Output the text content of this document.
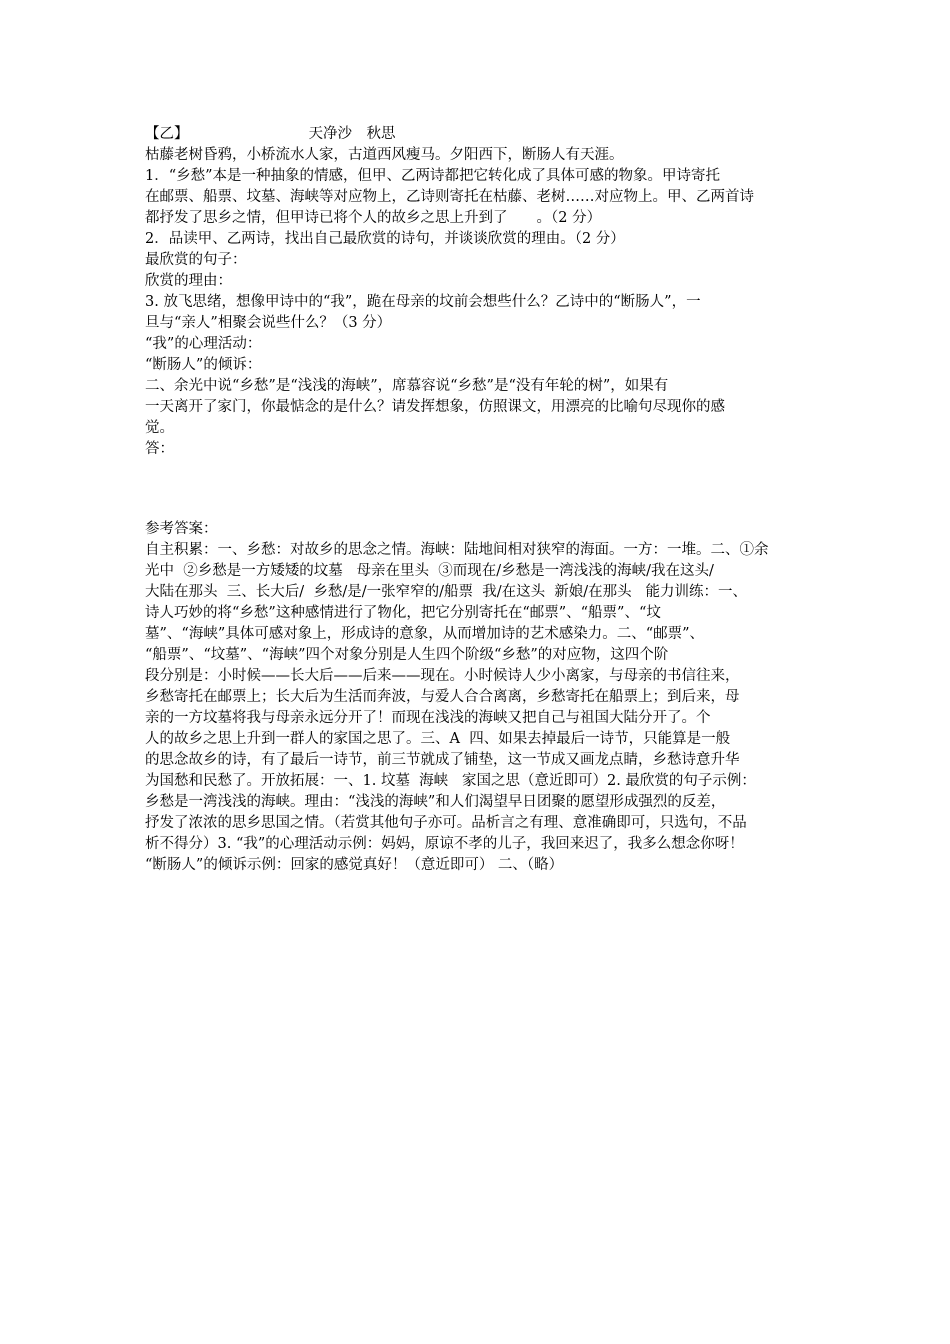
【乙】	天净沙　秋思
枯藤老树昏鸦，小桥流水人家，古道西风瘦马。夕阳西下，断肠人有天涯。
1．“乡愁”本是一种抽象的情感，但甲、乙两诗都把它转化成了具体可感的物象。甲诗寄托
在邮票、船票、坟墓、海峡等对应物上，乙诗则寄托在枯藤、老树……对应物上。甲、乙两首诗
都抒发了思乡之情，但甲诗已将个人的故乡之思上升到了　　。（2 分）
2．品读甲、乙两诗，找出自己最欣赏的诗句，并谈谈欣赏的理由。（2 分）
最欣赏的句子：
欣赏的理由：
3. 放飞思绪，想像甲诗中的“我”，跪在母亲的坟前会想些什么？乙诗中的“断肠人”，一
旦与“亲人”相聚会说些什么？（3 分）
“我”的心理活动：
“断肠人”的倾诉：
二、余光中说“乡愁”是“浅浅的海峡”，席慕容说“乡愁”是“没有年轮的树”，如果有
一天离开了家门，你最惦念的是什么？请发挥想象，仿照课文，用漂亮的比喻句尽现你的感
觉。
答：
参考答案：
自主积累：一、乡愁：对故乡的思念之情。海峡：陆地间相对狭窄的海面。一方：一堆。二、①余
光中  ②乡愁是一方矮矮的坟墓   母亲在里头  ③而现在/乡愁是一湾浅浅的海峡/我在这头/
大陆在那头  三、长大后/  乡愁/是/一张窄窄的/船票  我/在这头  新娘/在那头   能力训练：一、
诗人巧妙的将“乡愁”这种感情进行了物化，把它分别寄托在“邮票”、“船票”、“坟
墓”、“海峡”具体可感对象上，形成诗的意象，从而增加诗的艺术感染力。二、“邮票”、
“船票”、“坟墓”、“海峡”四个对象分别是人生四个阶级“乡愁”的对应物，这四个阶
段分别是：小时候——长大后——后来——现在。小时候诗人少小离家，与母亲的书信往来，
乡愁寄托在邮票上；长大后为生活而奔波，与爱人合合离离，乡愁寄托在船票上；到后来，母
亲的一方坟墓将我与母亲永远分开了！而现在浅浅的海峡又把自己与祖国大陆分开了。个
人的故乡之思上升到一群人的家国之思了。三、A  四、如果去掉最后一诗节，只能算是一般
的思念故乡的诗，有了最后一诗节，前三节就成了铺垫，这一节成又画龙点睛，乡愁诗意升华
为国愁和民愁了。开放拓展：一、1. 坟墓  海峡   家国之思（意近即可）2. 最欣赏的句子示例：
乡愁是一湾浅浅的海峡。理由：“浅浅的海峡”和人们渴望早日团聚的愿望形成强烈的反差，
抒发了浓浓的思乡思国之情。（若赏其他句子亦可。品析言之有理、意准确即可，只选句，不品
析不得分）3. “我”的心理活动示例：妈妈，原谅不孝的儿子，我回来迟了，我多么想念你呀！
“断肠人”的倾诉示例：回家的感觉真好！（意近即可） 二、（略）
